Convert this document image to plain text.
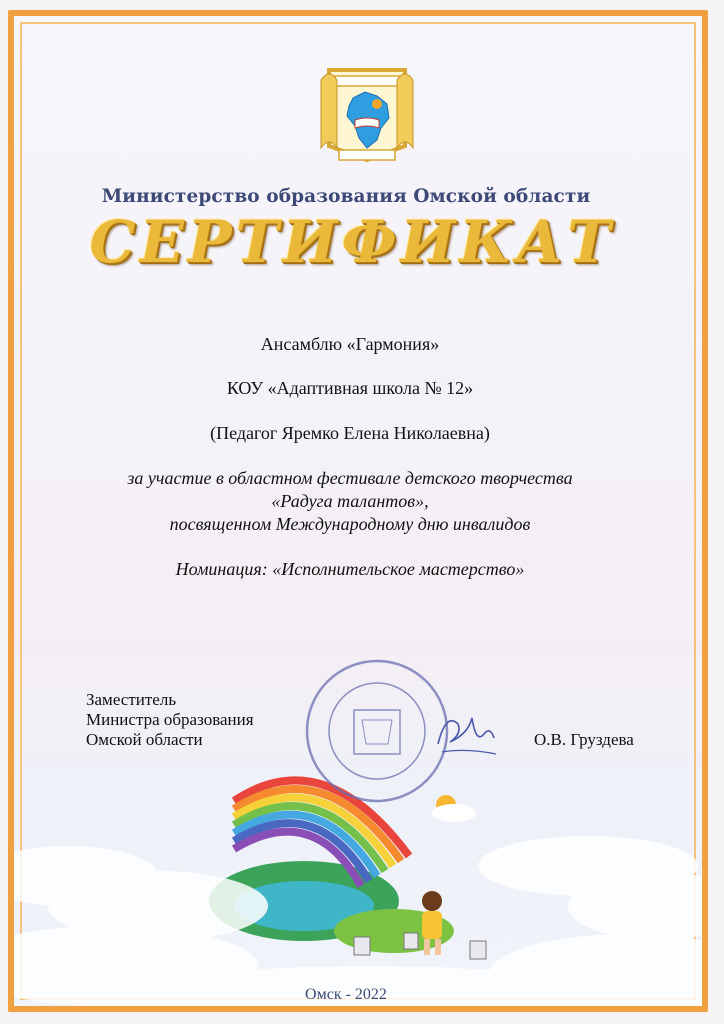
Министерство образования Омской области
СЕРТИФИКАТ
Ансамблю «Гармония»
КОУ «Адаптивная школа № 12»
(Педагог Яремко Елена Николаевна)
за участие в областном фестивале детского творчества
«Радуга талантов»,
посвященном Международному дню инвалидов
Номинация: «Исполнительское мастерство»
Заместитель
Министра образования
Омской области	О.В. Груздева
Омск - 2022
